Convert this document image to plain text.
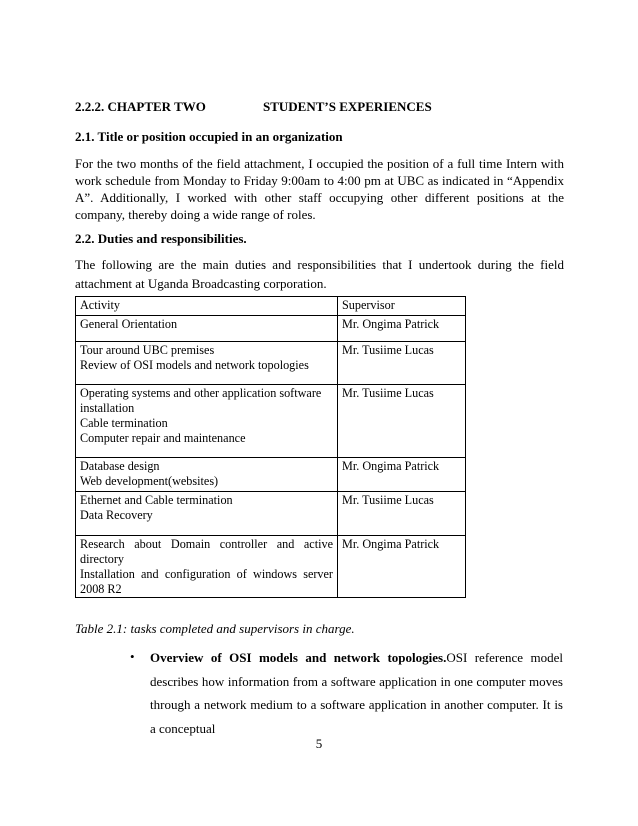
2.2.2. CHAPTER TWO	STUDENT’S EXPERIENCES
2.1. Title or position occupied in an organization
For the two months of the field attachment, I occupied the position of a full time Intern with work schedule from Monday to Friday 9:00am to 4:00 pm at UBC as indicated in “Appendix A”. Additionally, I worked with other staff occupying other different positions at the company, thereby doing a wide range of roles.
2.2. Duties and responsibilities.
The following are the main duties and responsibilities that I undertook during the field attachment at Uganda Broadcasting corporation.
Activity	Supervisor

General Orientation	Mr. Ongima Patrick

Tour around UBC premises
Review of OSI models and network topologies	Mr. Tusiime Lucas

Operating systems and other application software installation
Cable termination
Computer repair and maintenance	Mr. Tusiime Lucas

Database design
Web development(websites)	Mr. Ongima Patrick

Ethernet and Cable termination
Data Recovery	Mr. Tusiime Lucas

Research about Domain controller and active directory
Installation and configuration of windows server 2008 R2	Mr. Ongima Patrick
Table 2.1: tasks completed and supervisors in charge.
• Overview of OSI models and network topologies.OSI reference model describes how information from a software application in one computer moves through a network medium to a software application in another computer. It is a conceptual
5
